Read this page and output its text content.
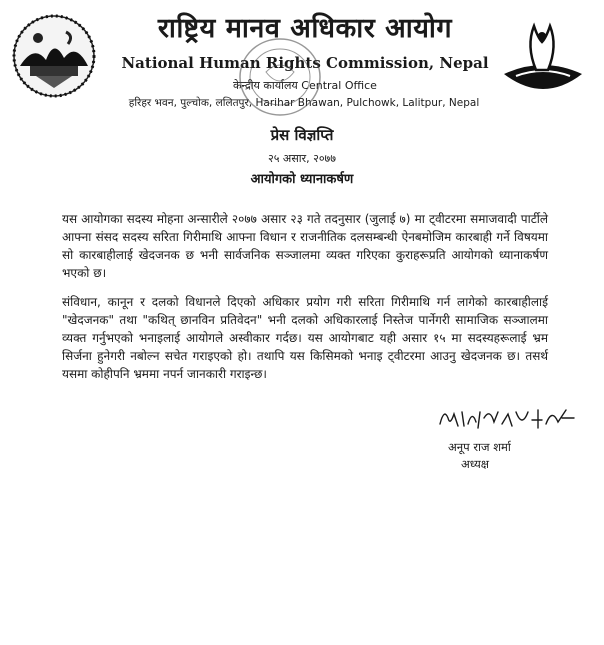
राष्ट्रिय मानव अधिकार आयोग
National Human Rights Commission, Nepal
केन्द्रीय कार्यालय Central Office
हरिहर भवन, पुल्चोक, ललितपुर, Harihar Bhawan, Pulchowk, Lalitpur, Nepal
प्रेस विज्ञप्ति
२५ असार, २०७७
आयोगको ध्यानाकर्षण

यस आयोगका सदस्य मोहना अन्सारीले २०७७ असार २३ गते तदनुसार (जुलाई ७) मा ट्वीटरमा समाजवादी पार्टीले आफ्ना संसद सदस्य सरिता गिरीमाथि आफ्ना विधान र राजनीतिक दलसम्बन्धी ऐनबमोजिम कारबाही गर्ने विषयमा सो कारबाहीलाई खेदजनक छ भनी सार्वजनिक सञ्जालमा व्यक्त गरिएका कुराहरूप्रति आयोगको ध्यानाकर्षण भएको छ।

संविधान, कानून र दलको विधानले दिएको अधिकार प्रयोग गरी सरिता गिरीमाथि गर्न लागेको कारबाहीलाई "खेदजनक" तथा "कथित् छानविन प्रतिवेदन" भनी दलको अधिकारलाई निस्तेज पार्नेगरी सामाजिक सञ्जालमा व्यक्त गर्नुभएको भनाइलाई आयोगले अस्वीकार गर्दछ। यस आयोगबाट यही असार १५ मा सदस्यहरूलाई भ्रम सिर्जना हुनेगरी नबोल्न सचेत गराइएको हो। तथापि यस किसिमको भनाइ ट्वीटरमा आउनु खेदजनक छ। तसर्थ यसमा कोहीपनि भ्रममा नपर्न जानकारी गराइन्छ।

अनूप राज शर्मा
अध्यक्ष
